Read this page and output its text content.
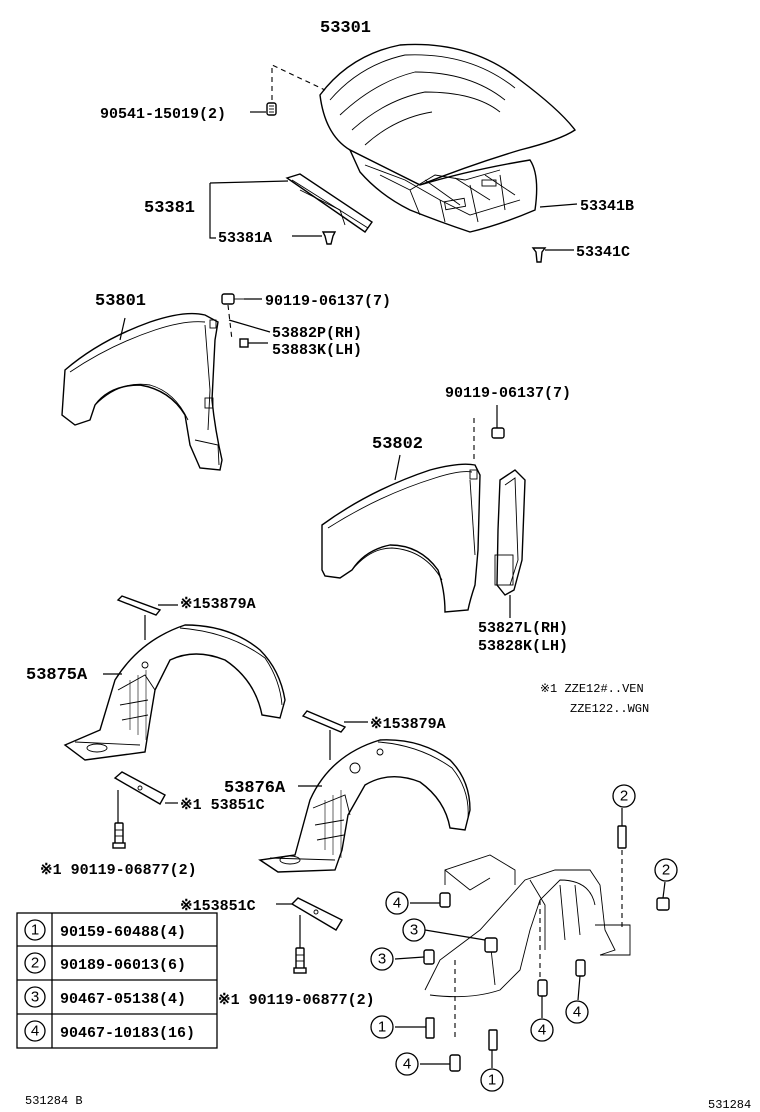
4
3
3
1
4
1
4
4
2
2
53301
90541-15019(2)
53381
53381A
53341B
53341C
53801	90119-06137(7)
53882P(RH)
53883K(LH)
90119-06137(7)
53802
53827L(RH)
53828K(LH)
※153879A
53875A
※153879A
53876A
※1 53851C
※1 90119-06877(2)
※153851C
※1 90119-06877(2)
※1 ZZE12#..VEN
ZZE122..WGN
1
2
3
4
90159-60488(4)
90189-06013(6)
90467-05138(4)
90467-10183(16)
531284 B	531284
